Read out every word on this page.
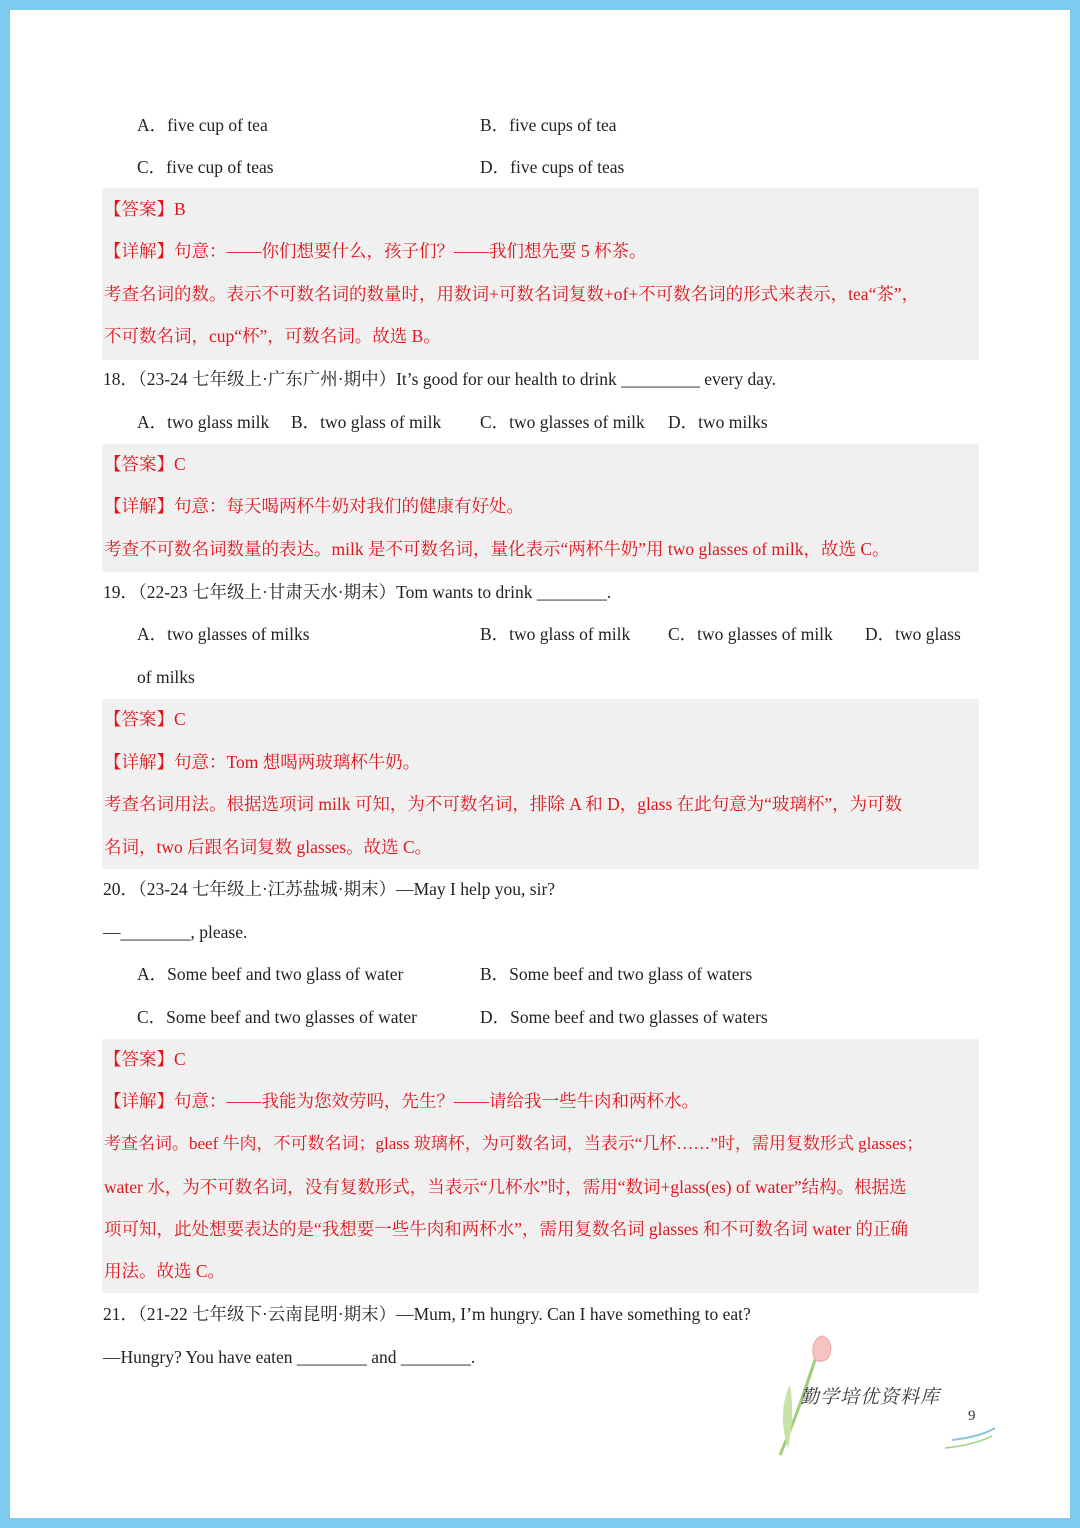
A．five cup of tea	B．five cups of tea
C．five cup of teas	D．five cups of teas
【答案】B
【详解】句意：——你们想要什么，孩子们？——我们想先要 5 杯茶。
考查名词的数。表示不可数名词的数量时，用数词+可数名词复数+of+不可数名词的形式来表示，tea“茶”，
不可数名词，cup“杯”，可数名词。故选 B。
18．（23-24 七年级上·广东广州·期中）It’s good for our health to drink _________ every day.
A．two glass milk B．two glass of milk C．two glasses of milk D．two milks
【答案】C
【详解】句意：每天喝两杯牛奶对我们的健康有好处。
考查不可数名词数量的表达。milk 是不可数名词，量化表示“两杯牛奶”用 two glasses of milk，故选 C。
19．（22-23 七年级上·甘肃天水·期末）Tom wants to drink ________.
A．two glasses of milks	B．two glass of milk C．two glasses of milk D．two glass
of milks
【答案】C
【详解】句意：Tom 想喝两玻璃杯牛奶。
考查名词用法。根据选项词 milk 可知，为不可数名词，排除 A 和 D，glass 在此句意为“玻璃杯”，为可数
名词，two 后跟名词复数 glasses。故选 C。
20．（23-24 七年级上·江苏盐城·期末）—May I help you, sir?
—________, please.
A．Some beef and two glass of water	B．Some beef and two glass of waters
C．Some beef and two glasses of water	D．Some beef and two glasses of waters
【答案】C
【详解】句意：——我能为您效劳吗，先生？——请给我一些牛肉和两杯水。
考查名词。beef 牛肉，不可数名词；glass 玻璃杯，为可数名词，当表示“几杯……”时，需用复数形式 glasses；
water 水，为不可数名词，没有复数形式，当表示“几杯水”时，需用“数词+glass(es) of water”结构。根据选
项可知，此处想要表达的是“我想要一些牛肉和两杯水”，需用复数名词 glasses 和不可数名词 water 的正确
用法。故选 C。
21．（21-22 七年级下·云南昆明·期末）—Mum, I’m hungry. Can I have something to eat?
—Hungry? You have eaten ________ and ________.
勤学培优资料库
9
